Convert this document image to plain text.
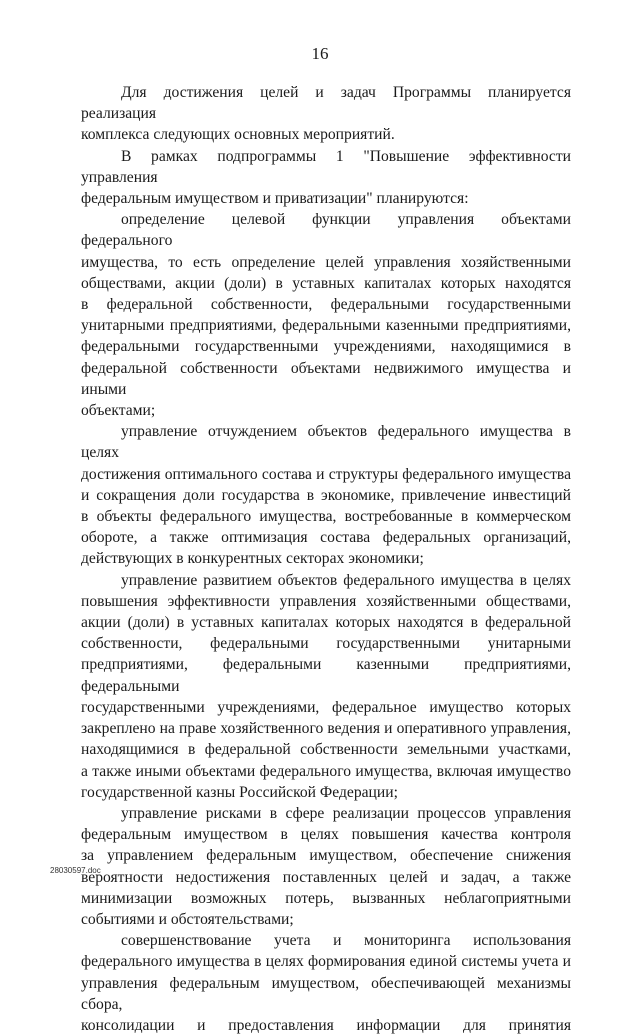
16

Для достижения целей и задач Программы планируется реализация
комплекса следующих основных мероприятий.

В рамках подпрограммы 1 "Повышение эффективности управления
федеральным имуществом и приватизации" планируются:

определение целевой функции управления объектами федерального
имущества, то есть определение целей управления хозяйственными
обществами, акции (доли) в уставных капиталах которых находятся
в федеральной собственности, федеральными государственными
унитарными предприятиями, федеральными казенными предприятиями,
федеральными государственными учреждениями, находящимися в
федеральной собственности объектами недвижимого имущества и иными
объектами;

управление отчуждением объектов федерального имущества в целях
достижения оптимального состава и структуры федерального имущества
и сокращения доли государства в экономике, привлечение инвестиций
в объекты федерального имущества, востребованные в коммерческом
обороте, а также оптимизация состава федеральных организаций,
действующих в конкурентных секторах экономики;

управление развитием объектов федерального имущества в целях
повышения эффективности управления хозяйственными обществами,
акции (доли) в уставных капиталах которых находятся в федеральной
собственности, федеральными государственными унитарными
предприятиями, федеральными казенными предприятиями, федеральными
государственными учреждениями, федеральное имущество которых
закреплено на праве хозяйственного ведения и оперативного управления,
находящимися в федеральной собственности земельными участками,
а также иными объектами федерального имущества, включая имущество
государственной казны Российской Федерации;

управление рисками в сфере реализации процессов управления
федеральным имуществом в целях повышения качества контроля
за управлением федеральным имуществом, обеспечение снижения
вероятности недостижения поставленных целей и задач, а также
минимизации возможных потерь, вызванных неблагоприятными
событиями и обстоятельствами;

совершенствование учета и мониторинга использования
федерального имущества в целях формирования единой системы учета и
управления федеральным имуществом, обеспечивающей механизмы сбора,
консолидации и предоставления информации для принятия

28030597.doc
